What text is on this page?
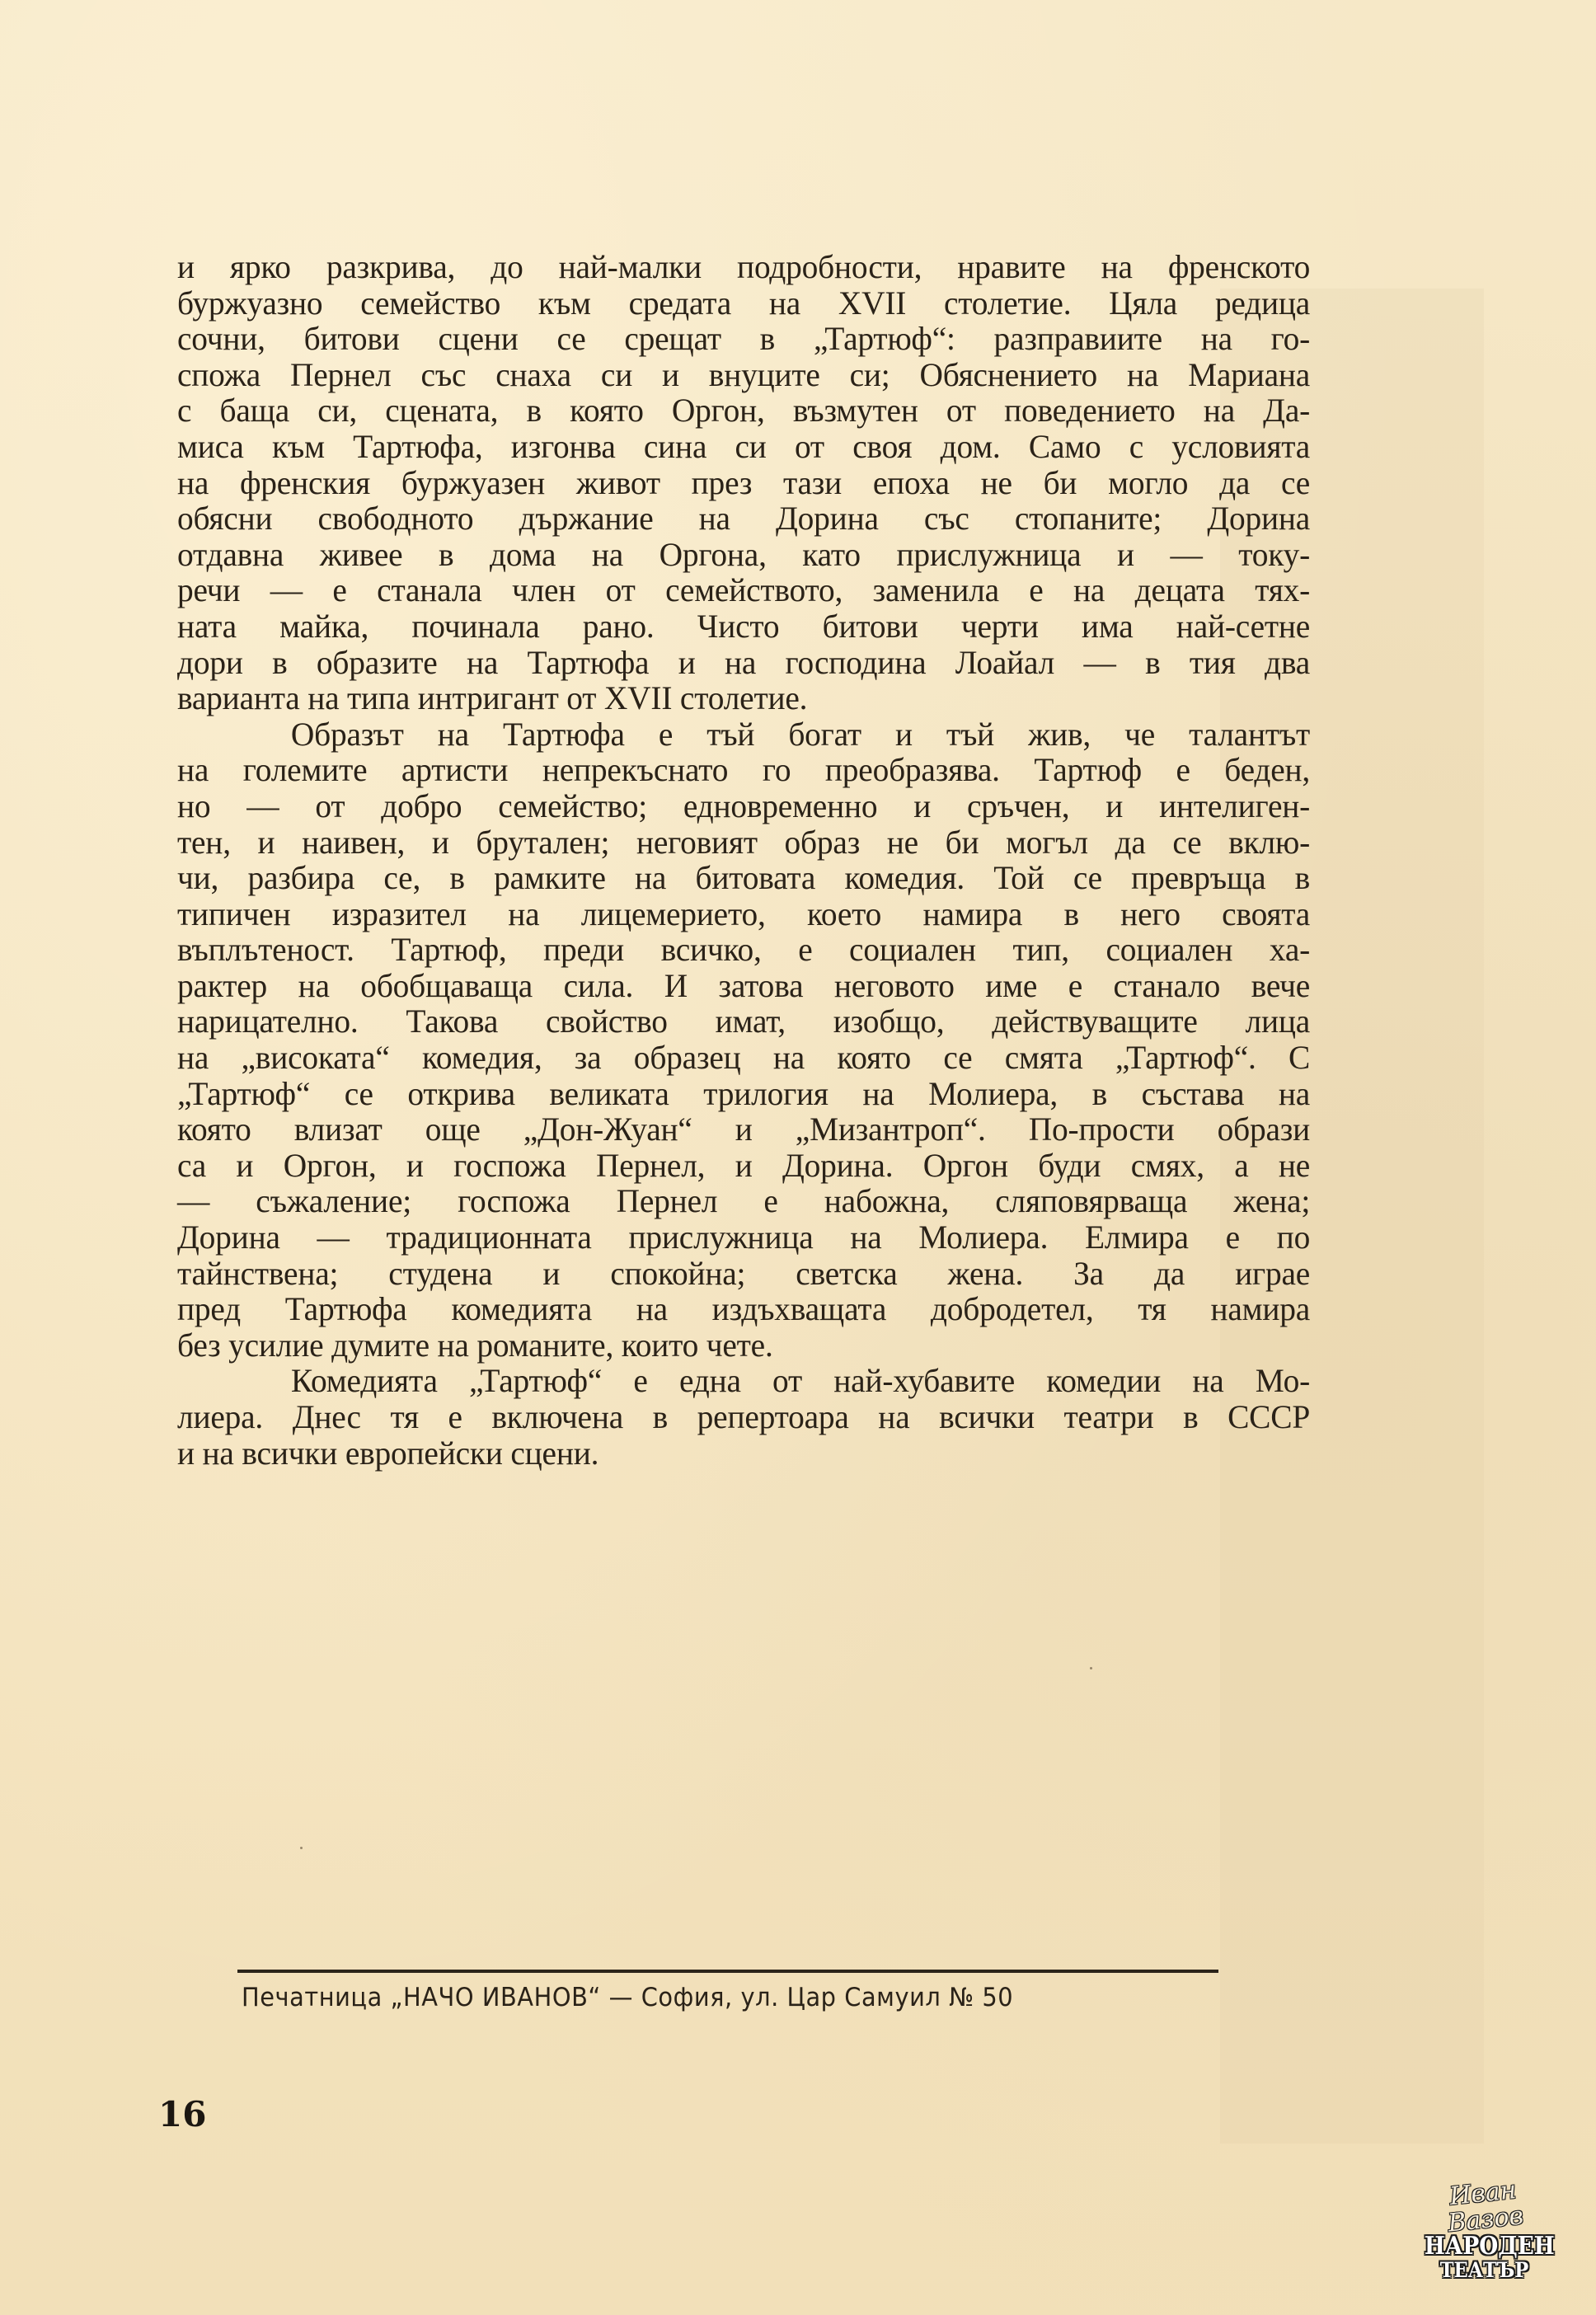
и ярко разкрива, до най-малки подробности, нравите на френското
буржуазно семейство към средата на XVII столетие. Цяла редица
сочни, битови сцени се срещат в „Тартюф“: разправиите на го-
спожа Пернел със снаха си и внуците си; Обяснението на Мариана
с баща си, сцената, в която Оргон, възмутен от поведението на Да-
миса към Тартюфа, изгонва сина си от своя дом. Само с условията
на френския буржуазен живот през тази епоха не би могло да се
обясни свободното държание на Дорина със стопаните; Дорина
отдавна живее в дома на Оргона, като прислужница и — току-
речи — е станала член от семейството, заменила е на децата тях-
ната майка, починала рано. Чисто битови черти има най-сетне
дори в образите на Тартюфа и на господина Лоайал — в тия два
варианта на типа интригант от XVII столетие.
Образът на Тартюфа е тъй богат и тъй жив, че талантът
на големите артисти непрекъснато го преобразява. Тартюф е беден,
но — от добро семейство; едновременно и сръчен, и интелиген-
тен, и наивен, и брутален; неговият образ не би могъл да се вклю-
чи, разбира се, в рамките на битовата комедия. Той се превръща в
типичен изразител на лицемерието, което намира в него своята
въплътеност. Тартюф, преди всичко, е социален тип, социален ха-
рактер на обобщаваща сила. И затова неговото име е станало вече
нарицателно. Такова свойство имат, изобщо, действуващите лица
на „високата“ комедия, за образец на която се смята „Тартюф“. С
„Тартюф“ се открива великата трилогия на Молиера, в състава на
която влизат още „Дон-Жуан“ и „Мизантроп“. По-прости образи
са и Оргон, и госпожа Пернел, и Дорина. Оргон буди смях, а не
— съжаление; госпожа Пернел е набожна, сляповярваща жена;
Дорина — традиционната прислужница на Молиера. Елмира е по
тайнствена; студена и спокойна; светска жена. За да играе
пред Тартюфа комедията на издъхващата добродетел, тя намира
без усилие думите на романите, които чете.
Комедията „Тартюф“ е една от най-хубавите комедии на Мо-
лиера. Днес тя е включена в репертоара на всички театри в СССР
и на всички европейски сцени.
Печатница „НАЧО ИВАНОВ“ — София, ул. Цар Самуил № 50
16
Иван Вазов
НАРОДЕН
ТЕАТЪР
